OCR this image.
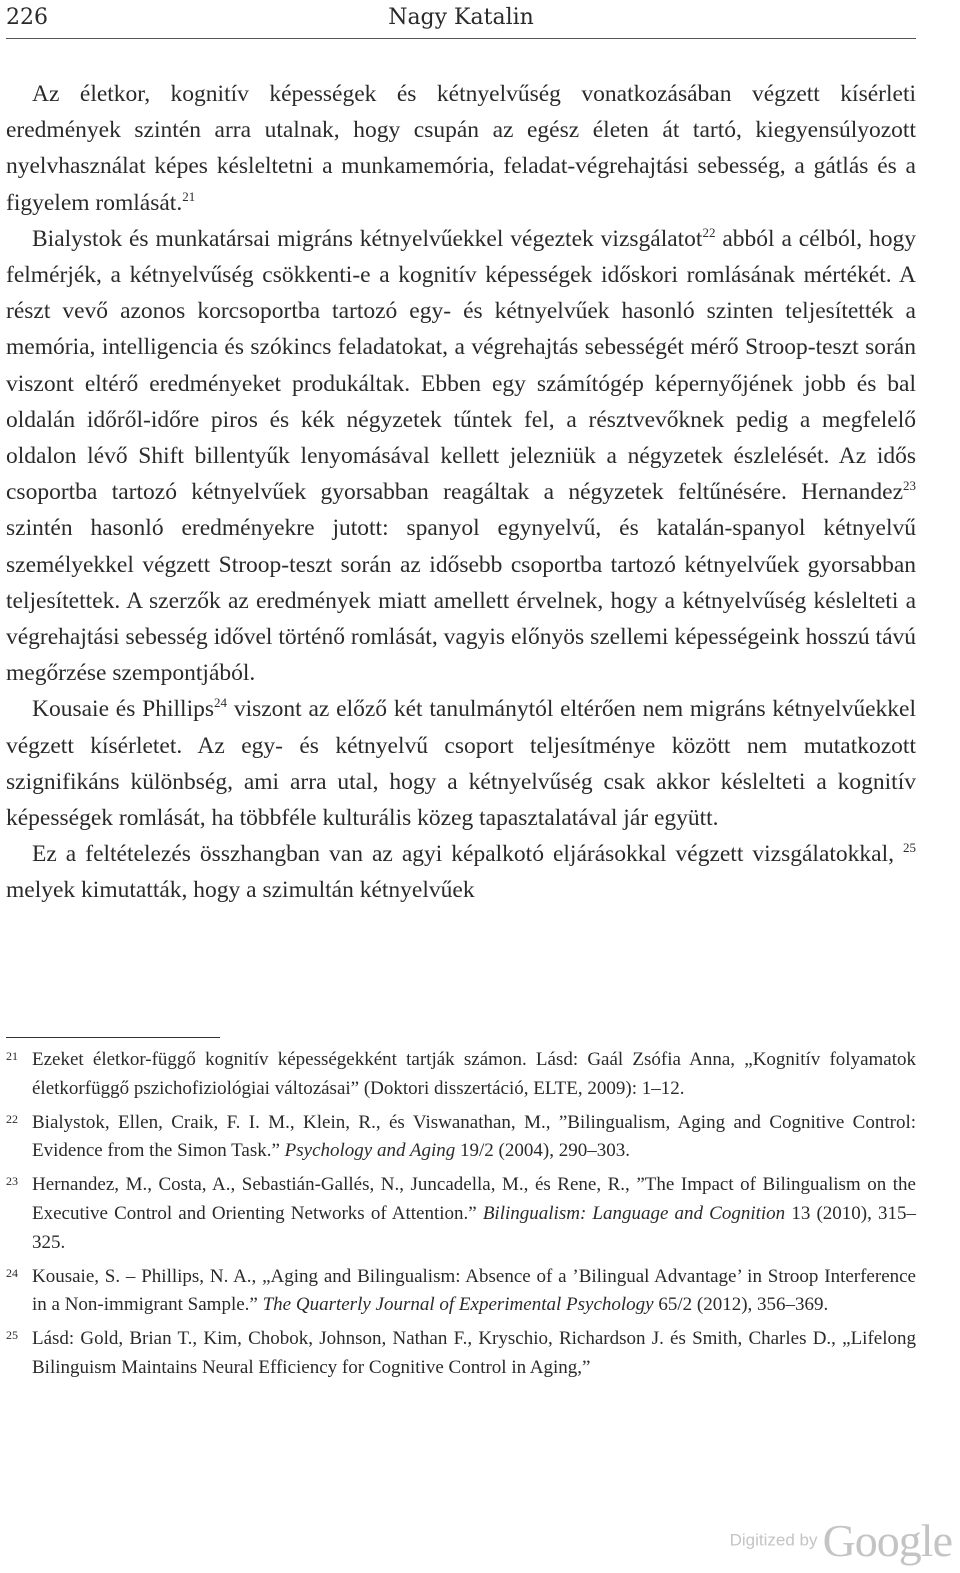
226	Nagy Katalin

Az életkor, kognitív képességek és kétnyelvűség vonatkozásában végzett kísérleti eredmények szintén arra utalnak, hogy csupán az egész életen át tartó, kiegyensúlyozott nyelvhasználat képes késleltetni a munkamemória, feladat-végrehajtási sebesség, a gátlás és a figyelem romlását.$^{21}$

Bialystok és munkatársai migráns kétnyelvűekkel végeztek vizsgálatot$^{22}$ abból a célból, hogy felmérjék, a kétnyelvűség csökkenti-e a kognitív képességek időskori romlásának mértékét. A részt vevő azonos korcsoportba tartozó egy- és kétnyelvűek hasonló szinten teljesítették a memória, intelligencia és szókincs feladatokat, a végrehajtás sebességét mérő Stroop-teszt során viszont eltérő eredményeket produkáltak. Ebben egy számítógép képernyőjének jobb és bal oldalán időről-időre piros és kék négyzetek tűntek fel, a résztvevőknek pedig a megfelelő oldalon lévő Shift billentyűk lenyomásával kellett jelezniük a négyzetek észlelését. Az idős csoportba tartozó kétnyelvűek gyorsabban reagáltak a négyzetek feltűnésére. Hernandez$^{23}$ szintén hasonló eredményekre jutott: spanyol egynyelvű, és katalán-spanyol kétnyelvű személyekkel végzett Stroop-teszt során az idősebb csoportba tartozó kétnyelvűek gyorsabban teljesítettek. A szerzők az eredmények miatt amellett érvelnek, hogy a kétnyelvűség késlelteti a végrehajtási sebesség idővel történő romlását, vagyis előnyös szellemi képességeink hosszú távú megőrzése szempontjából.

Kousaie és Phillips$^{24}$ viszont az előző két tanulmánytól eltérően nem migráns kétnyelvűekkel végzett kísérletet. Az egy- és kétnyelvű csoport teljesítménye között nem mutatkozott szignifikáns különbség, ami arra utal, hogy a kétnyelvűség csak akkor késlelteti a kognitív képességek romlását, ha többféle kulturális közeg tapasztalatával jár együtt.

Ez a feltételezés összhangban van az agyi képalkotó eljárásokkal végzett vizsgálatokkal, $^{25}$ melyek kimutatták, hogy a szimultán kétnyelvűek

21 Ezeket életkor-függő kognitív képességekként tartják számon. Lásd: Gaál Zsófia Anna, „Kognitív folyamatok életkorfüggő pszichofiziológiai változásai” (Doktori disszertáció, ELTE, 2009): 1–12.
22 Bialystok, Ellen, Craik, F. I. M., Klein, R., és Viswanathan, M., ”Bilingualism, Aging and Cognitive Control: Evidence from the Simon Task.” Psychology and Aging 19/2 (2004), 290–303.
23 Hernandez, M., Costa, A., Sebastián-Gallés, N., Juncadella, M., és Rene, R., ”The Impact of Bilingualism on the Executive Control and Orienting Networks of Attention.” Bilingualism: Language and Cognition 13 (2010), 315–325.
24 Kousaie, S. – Phillips, N. A., „Aging and Bilingualism: Absence of a ’Bilingual Advantage’ in Stroop Interference in a Non-immigrant Sample.” The Quarterly Journal of Experimental Psychology 65/2 (2012), 356–369.
25 Lásd: Gold, Brian T., Kim, Chobok, Johnson, Nathan F., Kryschio, Richardson J. és Smith, Charles D., „Lifelong Bilinguism Maintains Neural Efficiency for Cognitive Control in Aging,”
Digitized by Google
